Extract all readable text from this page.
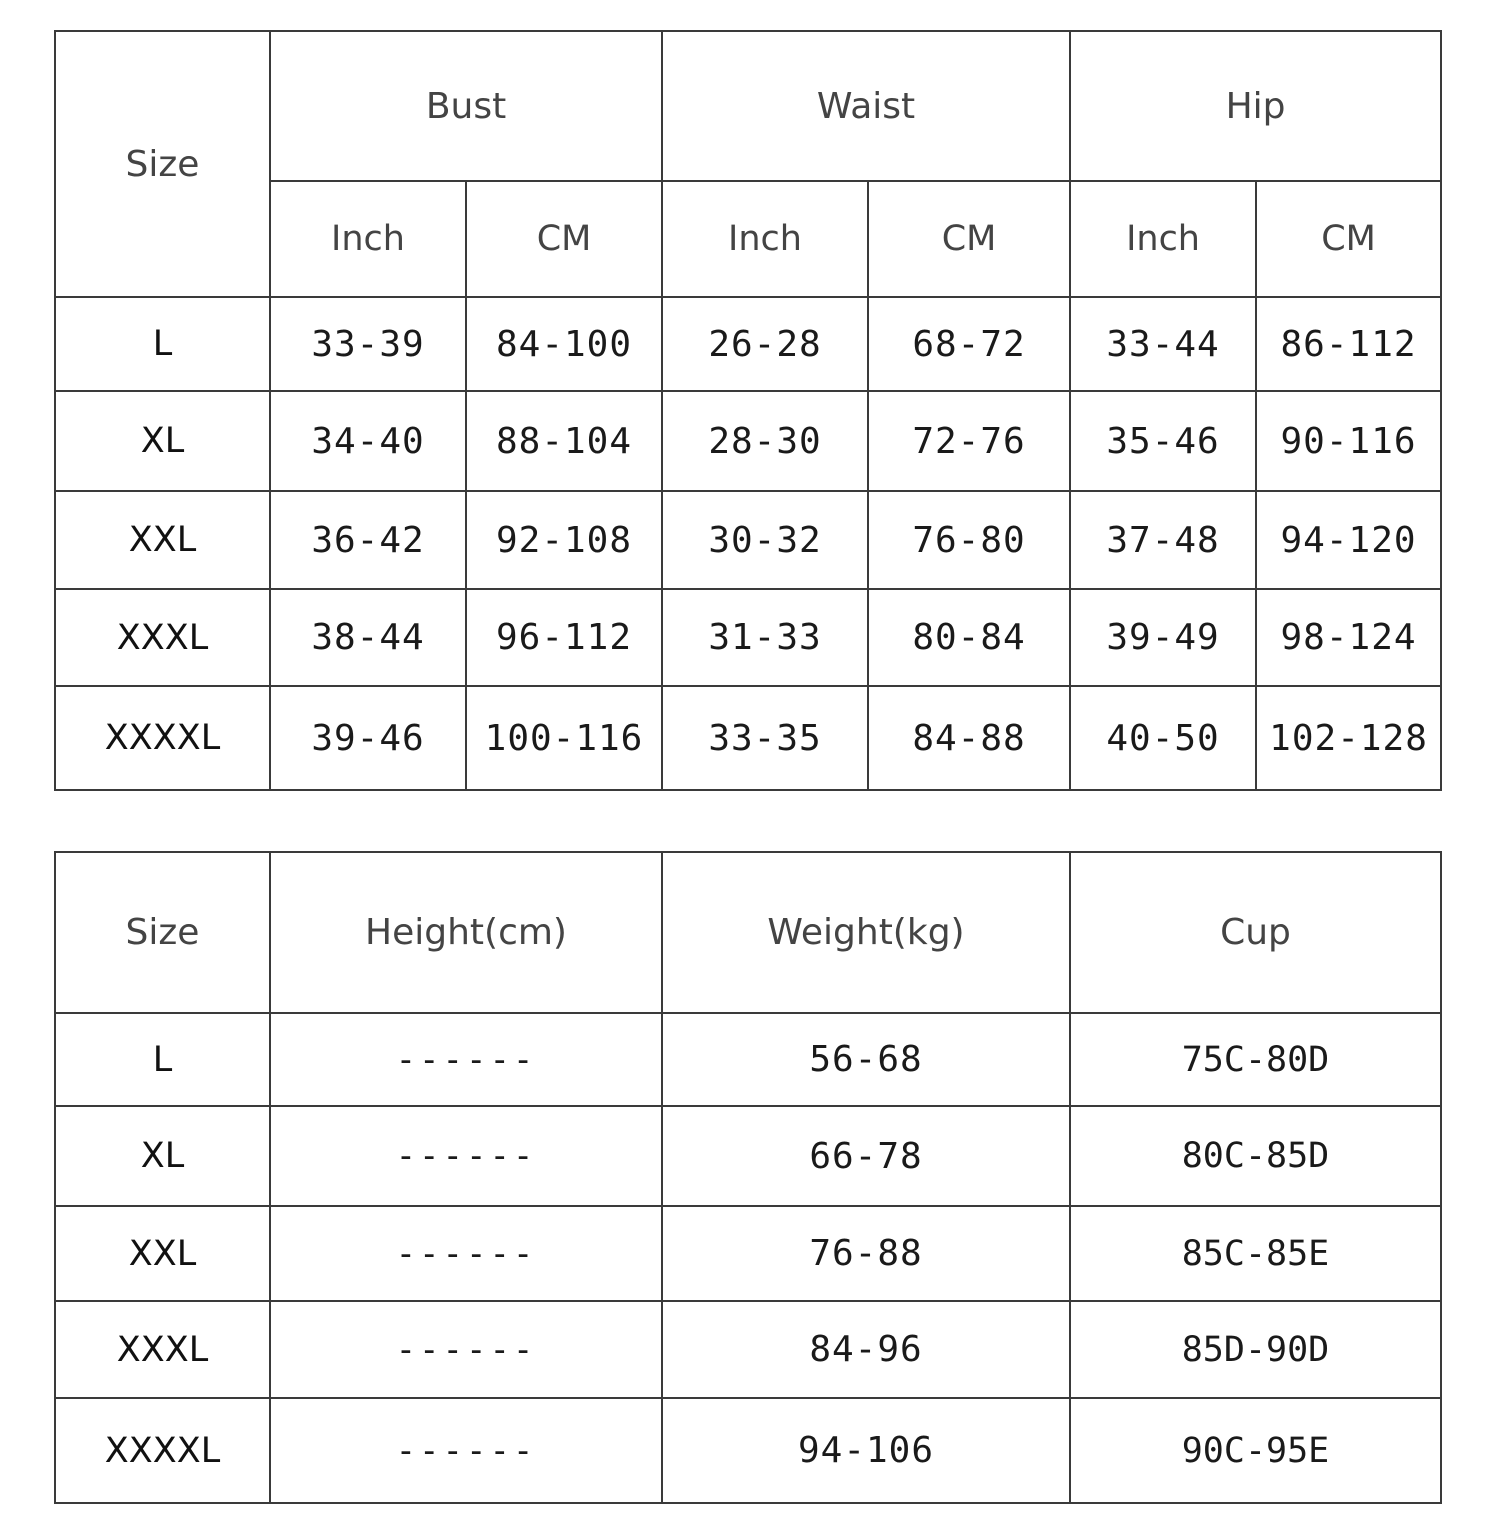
Size	Bust		Waist		Hip	
	Inch	CM	Inch	CM	Inch	CM
L	33-39	84-100	26-28	68-72	33-44	86-112
XL	34-40	88-104	28-30	72-76	35-46	90-116
XXL	36-42	92-108	30-32	76-80	37-48	94-120
XXXL	38-44	96-112	31-33	80-84	39-49	98-124
XXXXL	39-46	100-116	33-35	84-88	40-50	102-128
Size	Height(cm)	Weight(kg)	Cup
L	------	56-68	75C-80D
XL	------	66-78	80C-85D
XXL	------	76-88	85C-85E
XXXL	------	84-96	85D-90D
XXXXL	------	94-106	90C-95E
